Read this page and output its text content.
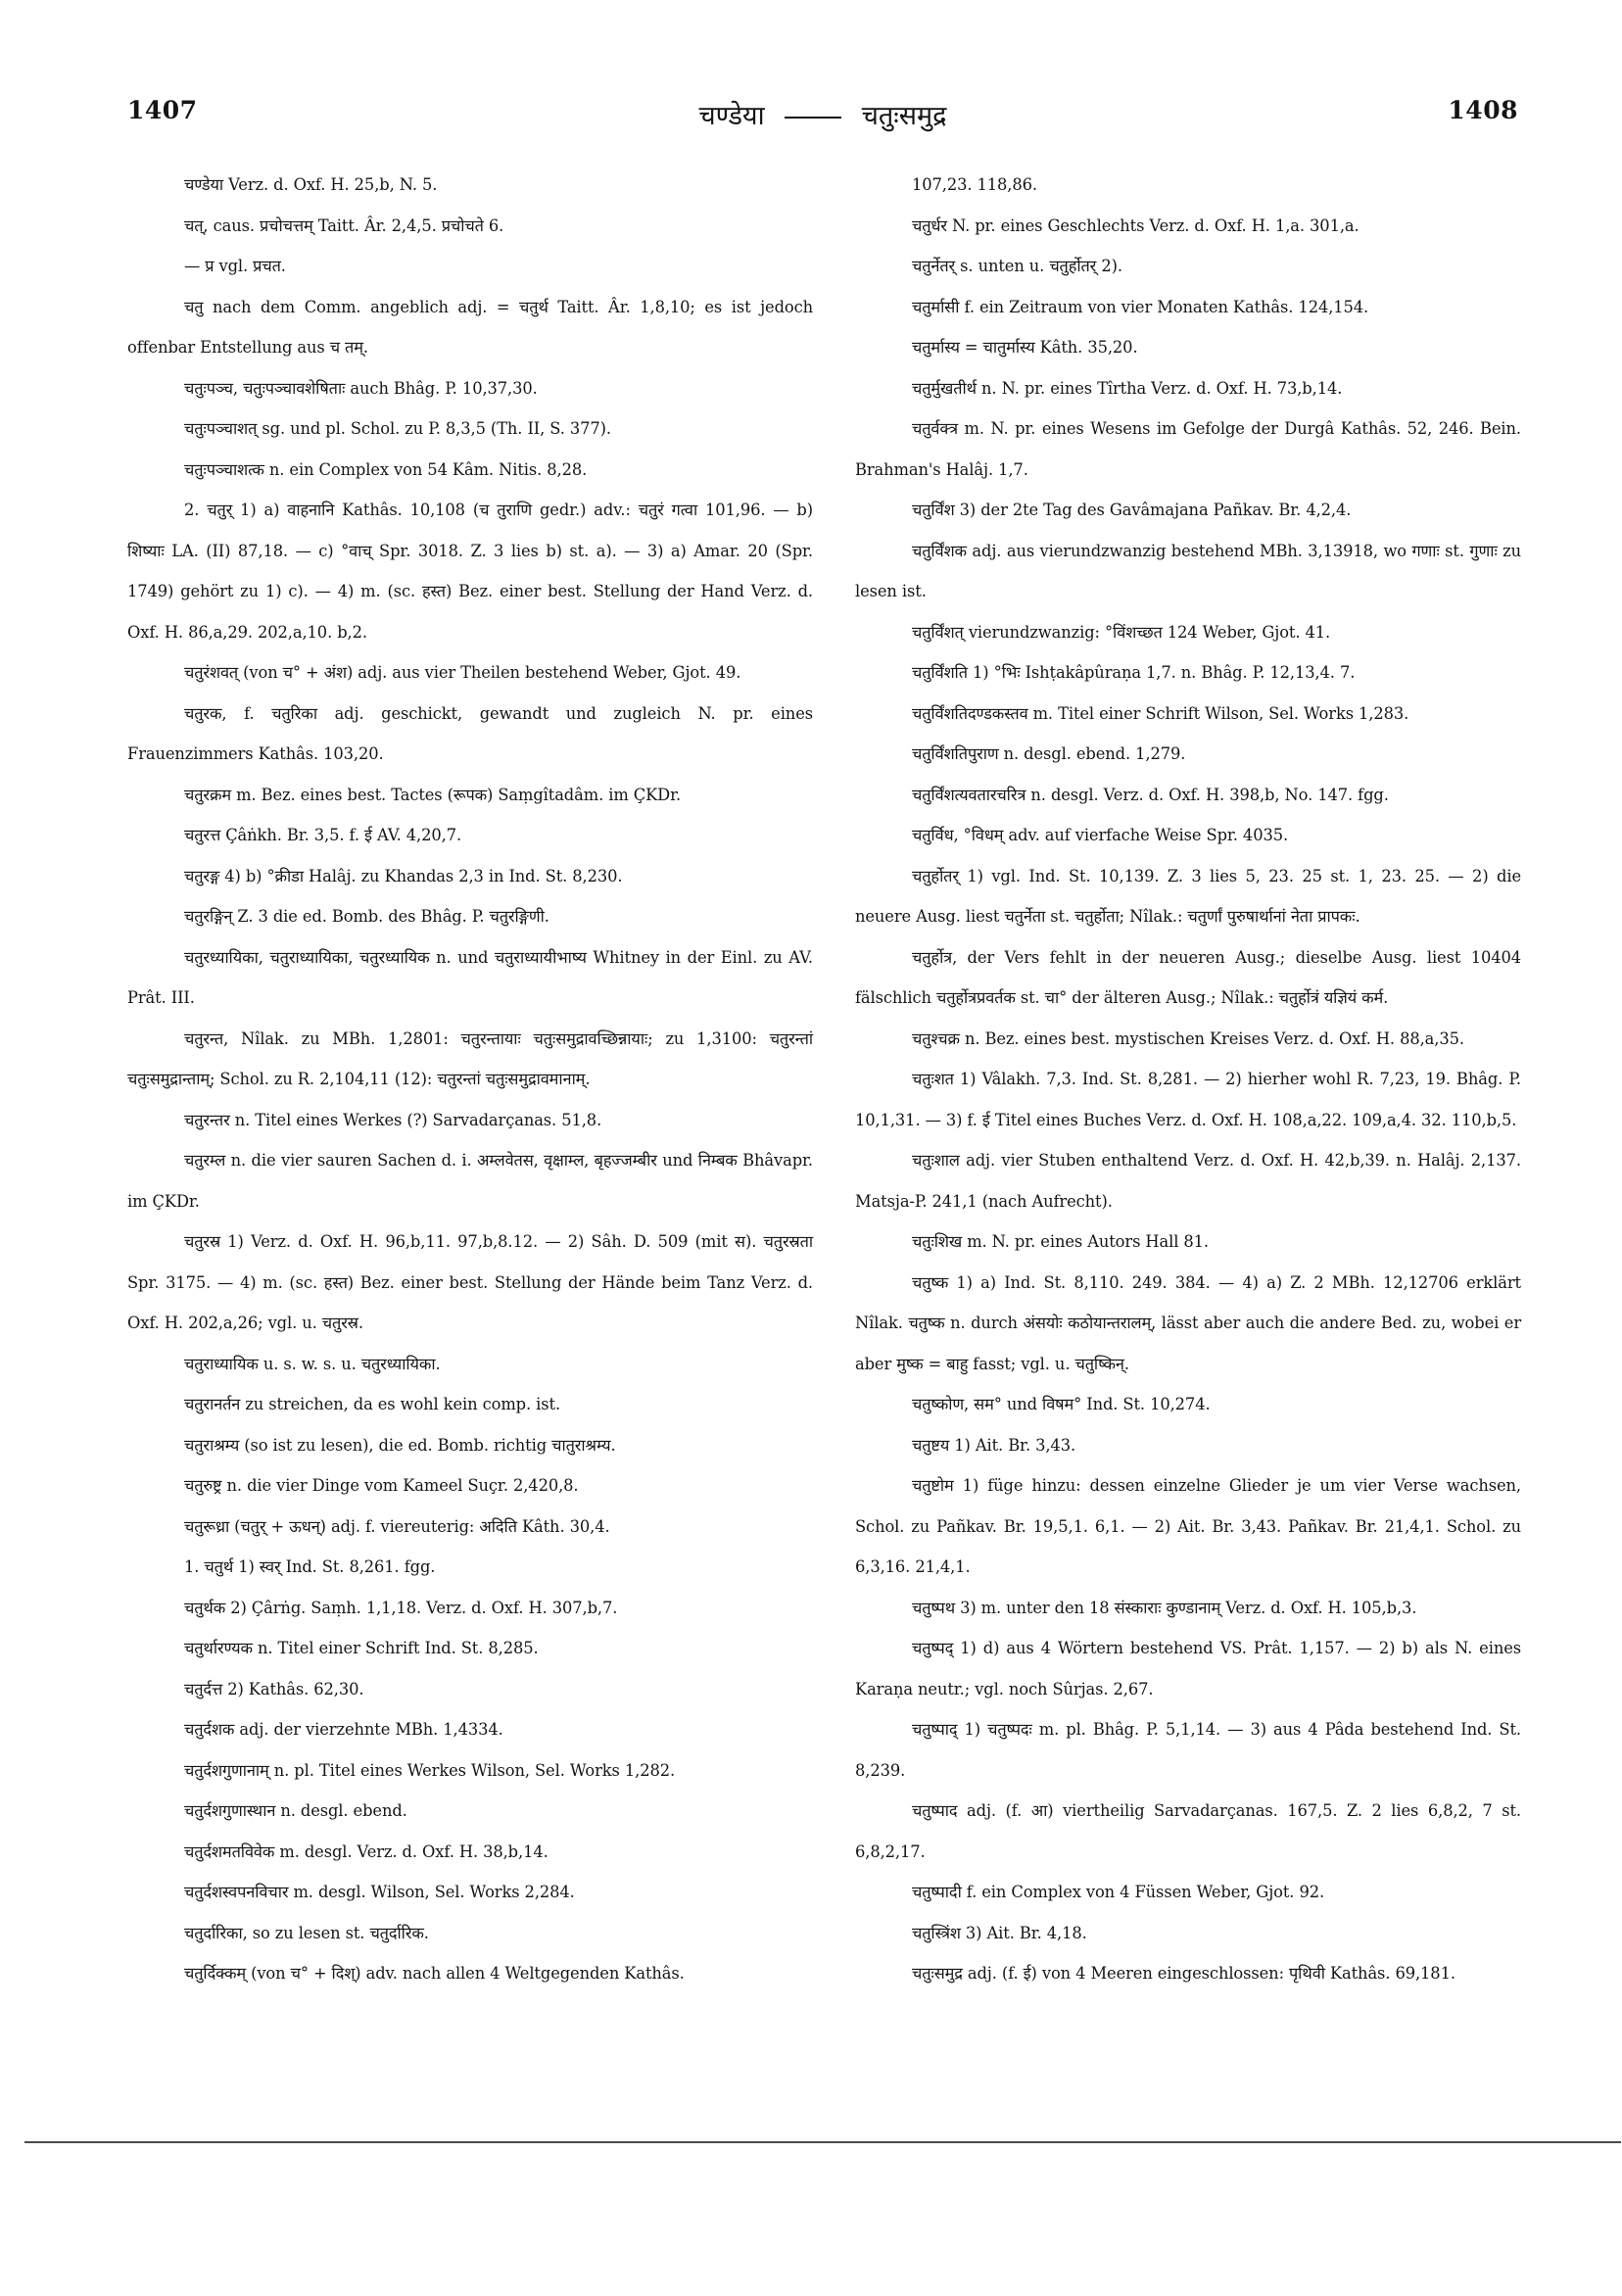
1407	चण्डेया	चतुःसमुद्र	1408

चण्डेया Verz. d. Oxf. H. 25,b, N. 5.

चत्, caus. प्रचोचत्तम् Taitt. Âr. 2,4,5. प्रचोचते 6.

— प्र vgl. प्रचत.

चतु nach dem Comm. angeblich adj. = चतुर्थ Taitt. Âr. 1,8,10; es ist jedoch offenbar Entstellung aus च तम्.

चतुःपञ्च, चतुःपञ्चावशेषिताः auch Bhâg. P. 10,37,30.

चतुःपञ्चाशत् sg. und pl. Schol. zu P. 8,3,5 (Th. II, S. 377).

चतुःपञ्चाशत्क n. ein Complex von 54 Kâm. Nitis. 8,28.

2. चतुर् 1) a) वाहनानि Kathâs. 10,108 (च तुराणि gedr.) adv.: चतुरं गत्वा 101,96. — b) शिष्याः LA. (II) 87,18. — c) °वाच् Spr. 3018. Z. 3 lies b) st. a). — 3) a) Amar. 20 (Spr. 1749) gehört zu 1) c). — 4) m. (sc. हस्त) Bez. einer best. Stellung der Hand Verz. d. Oxf. H. 86,a,29. 202,a,10. b,2.

चतुरंशवत् (von च° + अंश) adj. aus vier Theilen bestehend Weber, Gjot. 49.

चतुरक, f. चतुरिका adj. geschickt, gewandt und zugleich N. pr. eines Frauenzimmers Kathâs. 103,20.

चतुरक्रम m. Bez. eines best. Tactes (रूपक) Saṃgîtadâm. im ÇKDr.

चतुरत्त Çâṅkh. Br. 3,5. f. ई AV. 4,20,7.

चतुरङ्ग 4) b) °क्रीडा Halâj. zu Khandas 2,3 in Ind. St. 8,230.

चतुरङ्गिन् Z. 3 die ed. Bomb. des Bhâg. P. चतुरङ्गिणी.

चतुरध्यायिका, चतुराध्यायिका, चतुरध्यायिक n. und चतुराध्यायीभाष्य Whitney in der Einl. zu AV. Prât. III.

चतुरन्त, Nîlak. zu MBh. 1,2801: चतुरन्तायाः चतुःसमुद्रावच्छिन्नायाः; zu 1,3100: चतुरन्तां चतुःसमुद्रान्ताम्; Schol. zu R. 2,104,11 (12): चतुरन्तां चतुःसमुद्रावमानाम्.

चतुरन्तर n. Titel eines Werkes (?) Sarvadarçanas. 51,8.

चतुरम्ल n. die vier sauren Sachen d. i. अम्लवेतस, वृक्षाम्ल, बृहज्जम्बीर und निम्बक Bhâvapr. im ÇKDr.

चतुरस्र 1) Verz. d. Oxf. H. 96,b,11. 97,b,8.12. — 2) Sâh. D. 509 (mit स). चतुरस्रता Spr. 3175. — 4) m. (sc. हस्त) Bez. einer best. Stellung der Hände beim Tanz Verz. d. Oxf. H. 202,a,26; vgl. u. चतुरस्र.

चतुराध्यायिक u. s. w. s. u. चतुरध्यायिका.

चतुरानर्तन zu streichen, da es wohl kein comp. ist.

चतुराश्रम्य (so ist zu lesen), die ed. Bomb. richtig चातुराश्रम्य.

चतुरुष्ट्र n. die vier Dinge vom Kameel Suçr. 2,420,8.

चतुरूध्रा (चतुर् + ऊधन्) adj. f. viereuterig: अदिति Kâth. 30,4.

1. चतुर्थ 1) स्वर् Ind. St. 8,261. fgg.

चतुर्थक 2) Çârṅg. Saṃh. 1,1,18. Verz. d. Oxf. H. 307,b,7.

चतुर्थारण्यक n. Titel einer Schrift Ind. St. 8,285.

चतुर्दत्त 2) Kathâs. 62,30.

चतुर्दशक adj. der vierzehnte MBh. 1,4334.

चतुर्दशगुणानाम् n. pl. Titel eines Werkes Wilson, Sel. Works 1,282.

चतुर्दशगुणास्थान n. desgl. ebend.

चतुर्दशमतविवेक m. desgl. Verz. d. Oxf. H. 38,b,14.

चतुर्दशस्वपनविचार m. desgl. Wilson, Sel. Works 2,284.

चतुर्दारिका, so zu lesen st. चतुर्दारिक.

चतुर्दिक्कम् (von च° + दिश्) adv. nach allen 4 Weltgegenden Kathâs.

107,23. 118,86.

चतुर्धर N. pr. eines Geschlechts Verz. d. Oxf. H. 1,a. 301,a.

चतुर्नेतर् s. unten u. चतुर्होतर् 2).

चतुर्मासी f. ein Zeitraum von vier Monaten Kathâs. 124,154.

चतुर्मास्य = चातुर्मास्य Kâth. 35,20.

चतुर्मुखतीर्थ n. N. pr. eines Tîrtha Verz. d. Oxf. H. 73,b,14.

चतुर्वक्त्र m. N. pr. eines Wesens im Gefolge der Durgâ Kathâs. 52, 246. Bein. Brahman's Halâj. 1,7.

चतुर्विंश 3) der 2te Tag des Gavâmajana Pañkav. Br. 4,2,4.

चतुर्विंशक adj. aus vierundzwanzig bestehend MBh. 3,13918, wo गणाः st. गुणाः zu lesen ist.

चतुर्विंशत् vierundzwanzig: °विंशच्छत 124 Weber, Gjot. 41.

चतुर्विंशति 1) °भिः Ishṭakâpûraṇa 1,7. n. Bhâg. P. 12,13,4. 7.

चतुर्विंशतिदण्डकस्तव m. Titel einer Schrift Wilson, Sel. Works 1,283.

चतुर्विंशतिपुराण n. desgl. ebend. 1,279.

चतुर्विंशत्यवतारचरित्र n. desgl. Verz. d. Oxf. H. 398,b, No. 147. fgg.

चतुर्विध, °विधम् adv. auf vierfache Weise Spr. 4035.

चतुर्होतर् 1) vgl. Ind. St. 10,139. Z. 3 lies 5, 23. 25 st. 1, 23. 25. — 2) die neuere Ausg. liest चतुर्नेता st. चतुर्होता; Nîlak.: चतुर्णां पुरुषार्थानां नेता प्रापकः.

चतुर्होत्र, der Vers fehlt in der neueren Ausg.; dieselbe Ausg. liest 10404 fälschlich चतुर्होत्रप्रवर्तक st. चा° der älteren Ausg.; Nîlak.: चतुर्होत्रं यज्ञियं कर्म.

चतुश्चक्र n. Bez. eines best. mystischen Kreises Verz. d. Oxf. H. 88,a,35.

चतुःशत 1) Vâlakh. 7,3. Ind. St. 8,281. — 2) hierher wohl R. 7,23, 19. Bhâg. P. 10,1,31. — 3) f. ई Titel eines Buches Verz. d. Oxf. H. 108,a,22. 109,a,4. 32. 110,b,5.

चतुःशाल adj. vier Stuben enthaltend Verz. d. Oxf. H. 42,b,39. n. Halâj. 2,137. Matsja-P. 241,1 (nach Aufrecht).

चतुःशिख m. N. pr. eines Autors Hall 81.

चतुष्क 1) a) Ind. St. 8,110. 249. 384. — 4) a) Z. 2 MBh. 12,12706 erklärt Nîlak. चतुष्क n. durch अंसयोः कठोयान्तरालम्, lässt aber auch die andere Bed. zu, wobei er aber मुष्क = बाहु fasst; vgl. u. चतुष्किन्.

चतुष्कोण, सम° und विषम° Ind. St. 10,274.

चतुष्टय 1) Ait. Br. 3,43.

चतुष्टोम 1) füge hinzu: dessen einzelne Glieder je um vier Verse wachsen, Schol. zu Pañkav. Br. 19,5,1. 6,1. — 2) Ait. Br. 3,43. Pañkav. Br. 21,4,1. Schol. zu 6,3,16. 21,4,1.

चतुष्पथ 3) m. unter den 18 संस्काराः कुण्डानाम् Verz. d. Oxf. H. 105,b,3.

चतुष्पद् 1) d) aus 4 Wörtern bestehend VS. Prât. 1,157. — 2) b) als N. eines Karaṇa neutr.; vgl. noch Sûrjas. 2,67.

चतुष्पाद् 1) चतुष्पदः m. pl. Bhâg. P. 5,1,14. — 3) aus 4 Pâda bestehend Ind. St. 8,239.

चतुष्पाद adj. (f. आ) viertheilig Sarvadarçanas. 167,5. Z. 2 lies 6,8,2, 7 st. 6,8,2,17.

चतुष्पादी f. ein Complex von 4 Füssen Weber, Gjot. 92.

चतुस्त्रिंश 3) Ait. Br. 4,18.

चतुःसमुद्र adj. (f. ई) von 4 Meeren eingeschlossen: पृथिवी Kathâs. 69,181.
